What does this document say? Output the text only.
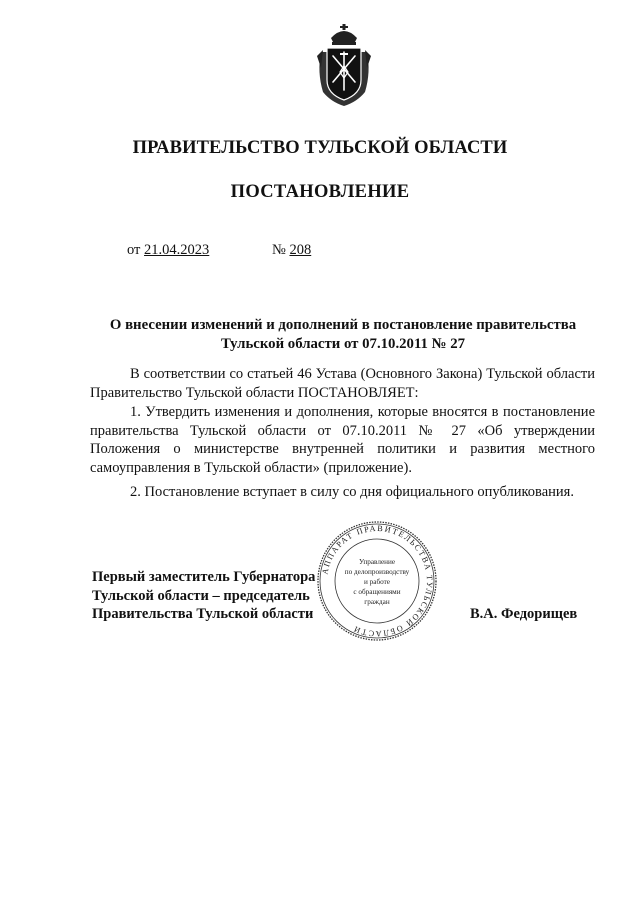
ПРАВИТЕЛЬСТВО ТУЛЬСКОЙ ОБЛАСТИ
ПОСТАНОВЛЕНИЕ
от 21.04.2023	№ 208
О внесении изменений и дополнений в постановление правительства Тульской области от 07.10.2011 № 27
В соответствии со статьей 46 Устава (Основного Закона) Тульской области Правительство Тульской области ПОСТАНОВЛЯЕТ:
1. Утвердить изменения и дополнения, которые вносятся в постановление правительства Тульской области от 07.10.2011 № 27 «Об утверждении Положения о министерстве внутренней политики и развития местного самоуправления в Тульской области» (приложение).
2. Постановление вступает в силу со дня официального опубликования.
АППАРАТ ПРАВИТЕЛЬСТВА ТУЛЬСКОЙ ОБЛАСТИ
Управление
по делопроизводству
и работе
с обращениями
граждан
Первый заместитель Губернатора
Тульской области – председатель
Правительства Тульской области	В.А. Федорищев
